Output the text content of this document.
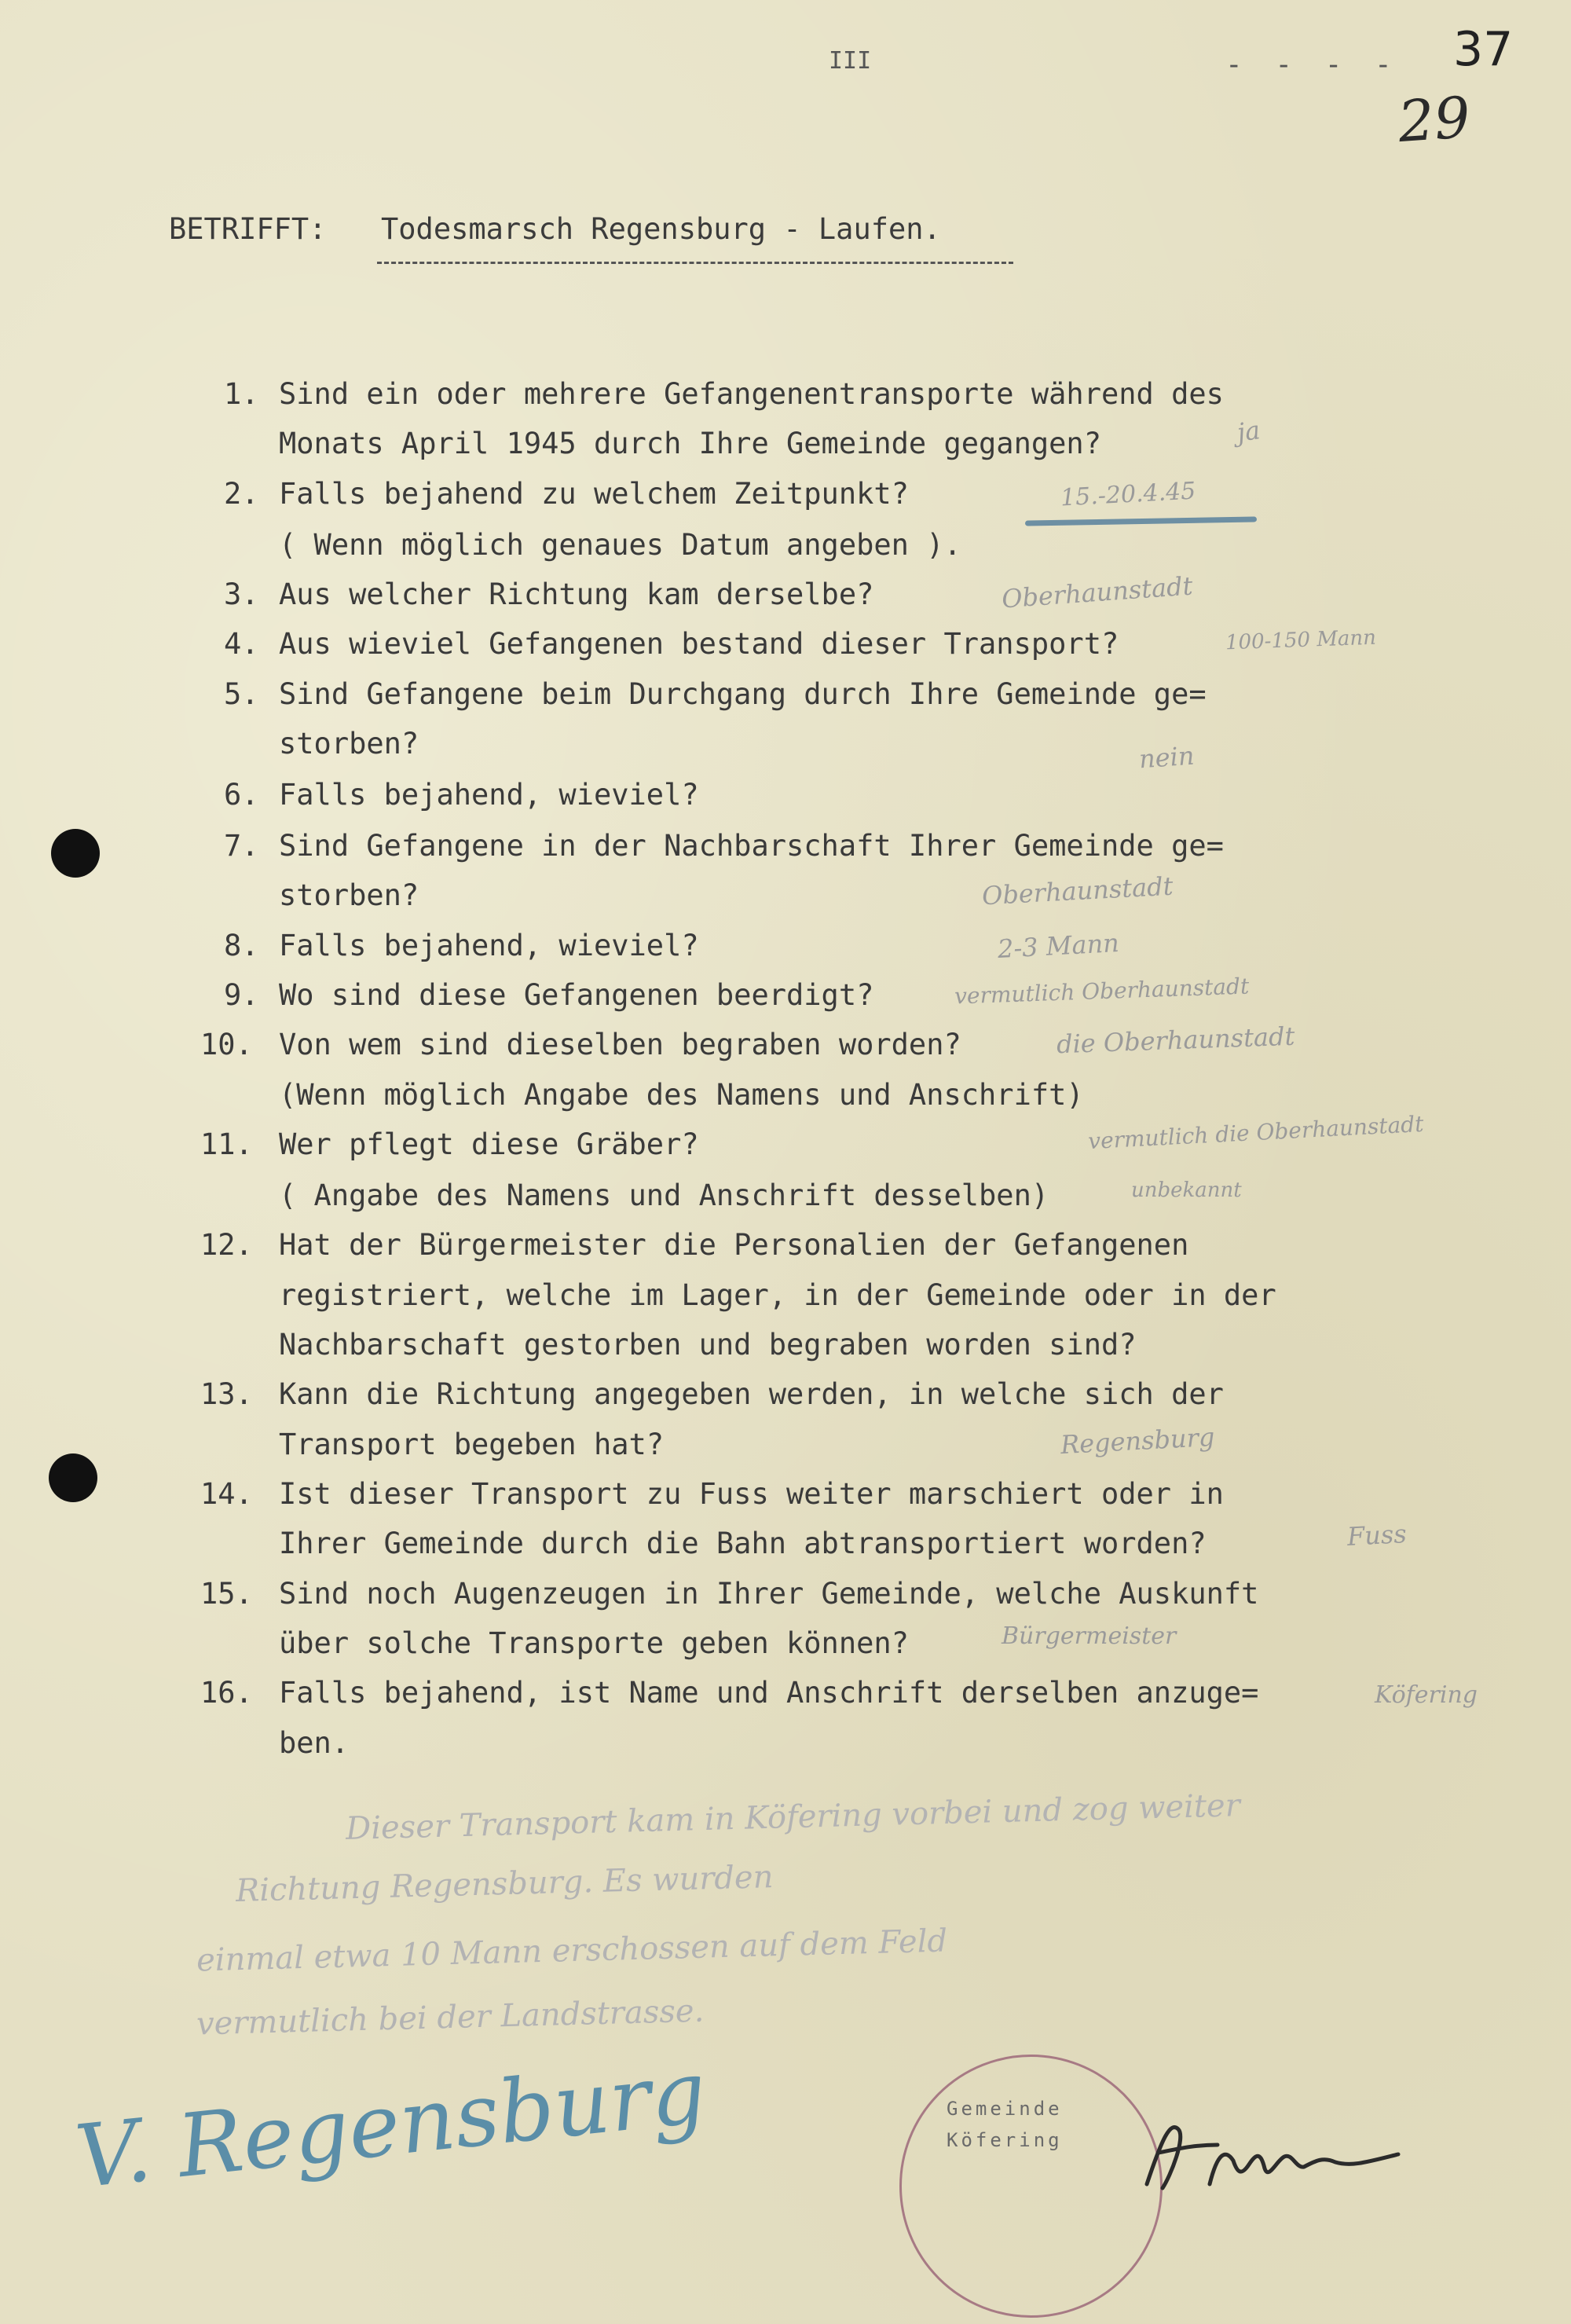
III	- - - - 37
29
BETRIFFT: Todesmarsch Regensburg - Laufen.
1. Sind ein oder mehrere Gefangenentransporte während des
Monats April 1945 durch Ihre Gemeinde gegangen?
2. Falls bejahend zu welchem Zeitpunkt?
( Wenn möglich genaues Datum angeben ).
3. Aus welcher Richtung kam derselbe?
4. Aus wieviel Gefangenen bestand dieser Transport?
5. Sind Gefangene beim Durchgang durch Ihre Gemeinde ge=
storben?
6. Falls bejahend, wieviel?
7. Sind Gefangene in der Nachbarschaft Ihrer Gemeinde ge=
storben?
8. Falls bejahend, wieviel?
9. Wo sind diese Gefangenen beerdigt?
10. Von wem sind dieselben begraben worden?
(Wenn möglich Angabe des Namens und Anschrift)
11. Wer pflegt diese Gräber?
( Angabe des Namens und Anschrift desselben)
12. Hat der Bürgermeister die Personalien der Gefangenen
registriert, welche im Lager, in der Gemeinde oder in der
Nachbarschaft gestorben und begraben worden sind?
13. Kann die Richtung angegeben werden, in welche sich der
Transport begeben hat?
14. Ist dieser Transport zu Fuss weiter marschiert oder in
Ihrer Gemeinde durch die Bahn abtransportiert worden?
15. Sind noch Augenzeugen in Ihrer Gemeinde, welche Auskunft
über solche Transporte geben können?
16. Falls bejahend, ist Name und Anschrift derselben anzuge=
ben.
ja
15.-20.4.45
Oberhaunstadt
100-150 Mann
nein
Oberhaunstadt
2-3 Mann
vermutlich Oberhaunstadt
die Oberhaunstadt
vermutlich die Oberhaunstadt
unbekannt
Regensburg
Fuss
Bürgermeister
Köfering
Dieser Transport kam in Köfering vorbei und zog weiter
Richtung Regensburg. Es wurden
einmal etwa 10 Mann erschossen auf dem Feld
vermutlich bei der Landstrasse.
V. Regensburg	Gemeinde
Köfering
